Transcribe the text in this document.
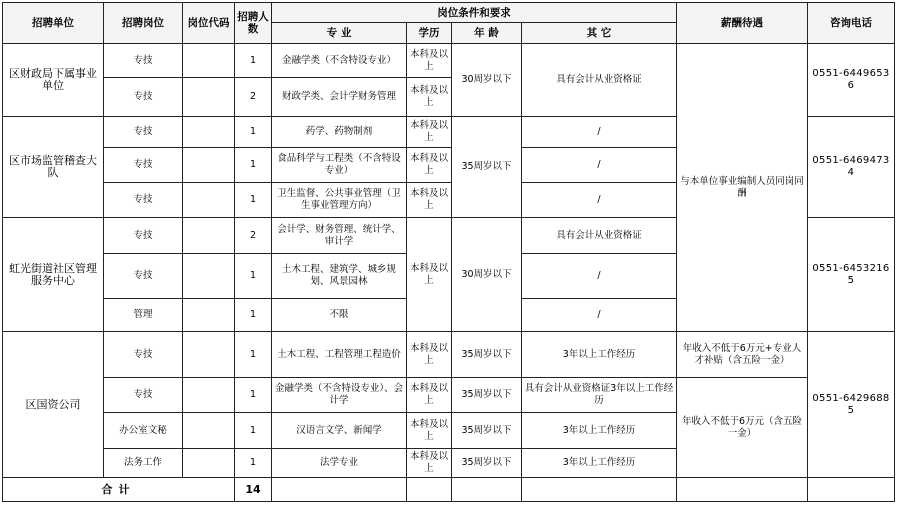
招聘单位	招聘岗位	岗位代码	招聘人数	岗位条件和要求				薪酬待遇	咨询电话
				专 业	学历	年 龄	其 它		
区财政局下属事业单位	专技		1	金融学类（不含特设专业）	本科及以上	30周岁以下	具有会计从业资格证	与本单位事业编制人员同岗同酬	0551-64496536
	专技		2	财政学类、会计学财务管理	本科及以上				
区市场监管稽查大队	专技		1	药学、药物制剂	本科及以上	35周岁以下	/		0551-64694734
	专技		1	食品科学与工程类（不含特设专业）	本科及以上		/		
	专技		1	卫生监督、公共事业管理（卫生事业管理方向）	本科及以上		/		
虹光街道社区管理服务中心	专技		2	会计学、财务管理、统计学、审计学	本科及以上	30周岁以下	具有会计从业资格证		0551-64532165
	专技		1	土木工程、建筑学、城乡规划、风景园林			/		
	管理		1	不限			/		
区国资公司	专技		1	土木工程、工程管理工程造价	本科及以上	35周岁以下	3年以上工作经历	年收入不低于6万元+专业人才补贴（含五险一金）	0551-64296885
	专技		1	金融学类（不含特设专业）、会计学	本科及以上	35周岁以下	具有会计从业资格证3年以上工作经历	年收入不低于6万元（含五险一金）	
	办公室文秘		1	汉语言文学、新闻学	本科及以上	35周岁以下	3年以上工作经历		
	法务工作		1	法学专业	本科及以上	35周岁以下	3年以上工作经历		
合计			14						
